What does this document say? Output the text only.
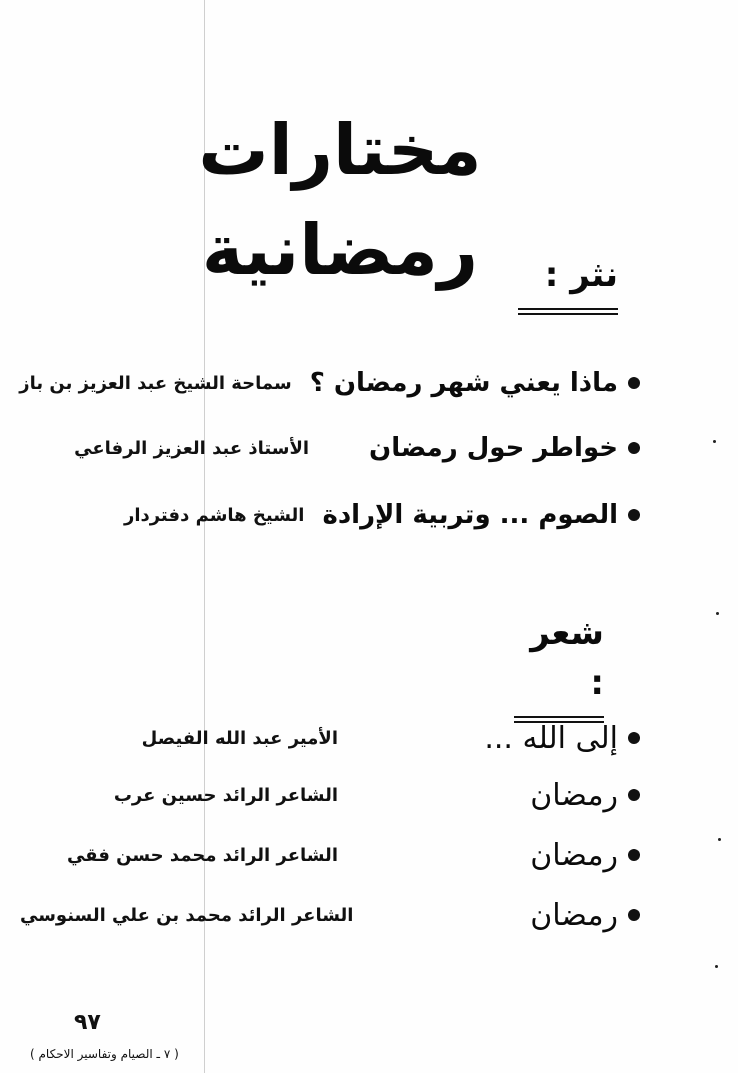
مختارات رمضانية	نثر :
ماذا يعني شهر رمضان ؟
سماحة الشيخ عبد العزيز بن باز
خواطر حول رمضان
الأستاذ عبد العزيز الرفاعي
الصوم ... وتربية الإرادة
الشيخ هاشم دفتردار
شعر :
إلى الله ...
الأمير عبد الله الفيصل
رمضان
الشاعر الرائد حسين عرب
رمضان
الشاعر الرائد محمد حسن فقي
رمضان
الشاعر الرائد محمد بن علي السنوسي
٩٧
( ٧ ـ الصيام وتفاسير الاحكام )
